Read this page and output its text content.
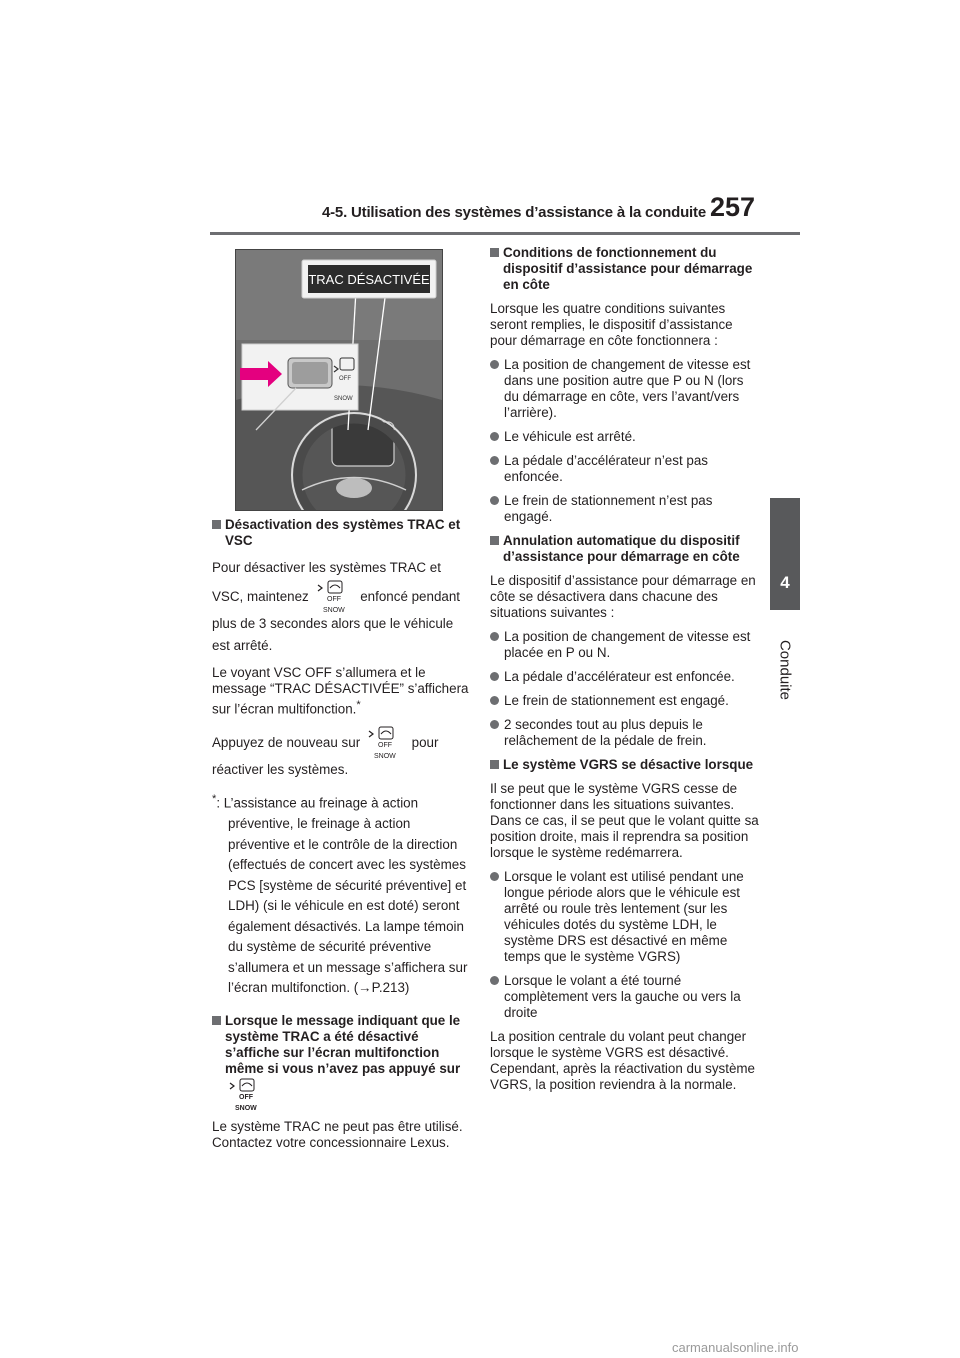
4-5. Utilisation des systèmes d’assistance à la conduite 257
4
Conduite
OFF
SNOW
TRAC DÉSACTIVÉE
Désactivation des systèmes TRAC et VSC

Pour désactiver les systèmes TRAC et VSC, maintenez	OFF
SNOW
enfoncé pendant plus de 3 secondes alors que le véhicule est arrêté.

Le voyant VSC OFF s’allumera et le message “TRAC DÉSACTIVÉE” s’affichera sur l’écran multifonction.*

Appuyez de nouveau sur	OFF
SNOW
pour réactiver les systèmes.

*: L’assistance au freinage à action préventive, le freinage à action préventive et le contrôle de la direction (effectués de concert avec les systèmes PCS [système de sécurité préventive] et LDH) (si le véhicule en est doté) seront également désactivés. La lampe témoin du système de sécurité préventive s’allumera et un message s’affichera sur l’écran multifonction. (→P.213)
Lorsque le message indiquant que le système TRAC a été désactivé s’affiche sur l’écran multifonction même si vous n’avez pas appuyé sur
OFF
SNOW

Le système TRAC ne peut pas être utilisé. Contactez votre concessionnaire Lexus.

Conditions de fonctionnement du dispositif d’assistance pour démarrage en côte

Lorsque les quatre conditions suivantes seront remplies, le dispositif d’assistance pour démarrage en côte fonctionnera :

La position de changement de vitesse est dans une position autre que P ou N (lors du démarrage en côte, vers l’avant/vers l’arrière).
Le véhicule est arrêté.
La pédale d’accélérateur n’est pas enfoncée.
Le frein de stationnement n’est pas engagé.
Annulation automatique du dispositif d’assistance pour démarrage en côte

Le dispositif d’assistance pour démarrage en côte se désactivera dans chacune des situations suivantes :

La position de changement de vitesse est placée en P ou N.
La pédale d’accélérateur est enfoncée.
Le frein de stationnement est engagé.
2 secondes tout au plus depuis le relâchement de la pédale de frein.
Le système VGRS se désactive lorsque

Il se peut que le système VGRS cesse de fonctionner dans les situations suivantes. Dans ce cas, il se peut que le volant quitte sa position droite, mais il reprendra sa position lorsque le système redémarrera.

Lorsque le volant est utilisé pendant une longue période alors que le véhicule est arrêté ou roule très lentement (sur les véhicules dotés du système LDH, le système DRS est désactivé en même temps que le système VGRS)
Lorsque le volant a été tourné complètement vers la gauche ou vers la droite

La position centrale du volant peut changer lorsque le système VGRS est désactivé. Cependant, après la réactivation du système VGRS, la position reviendra à la normale.

carmanualsonline.info
